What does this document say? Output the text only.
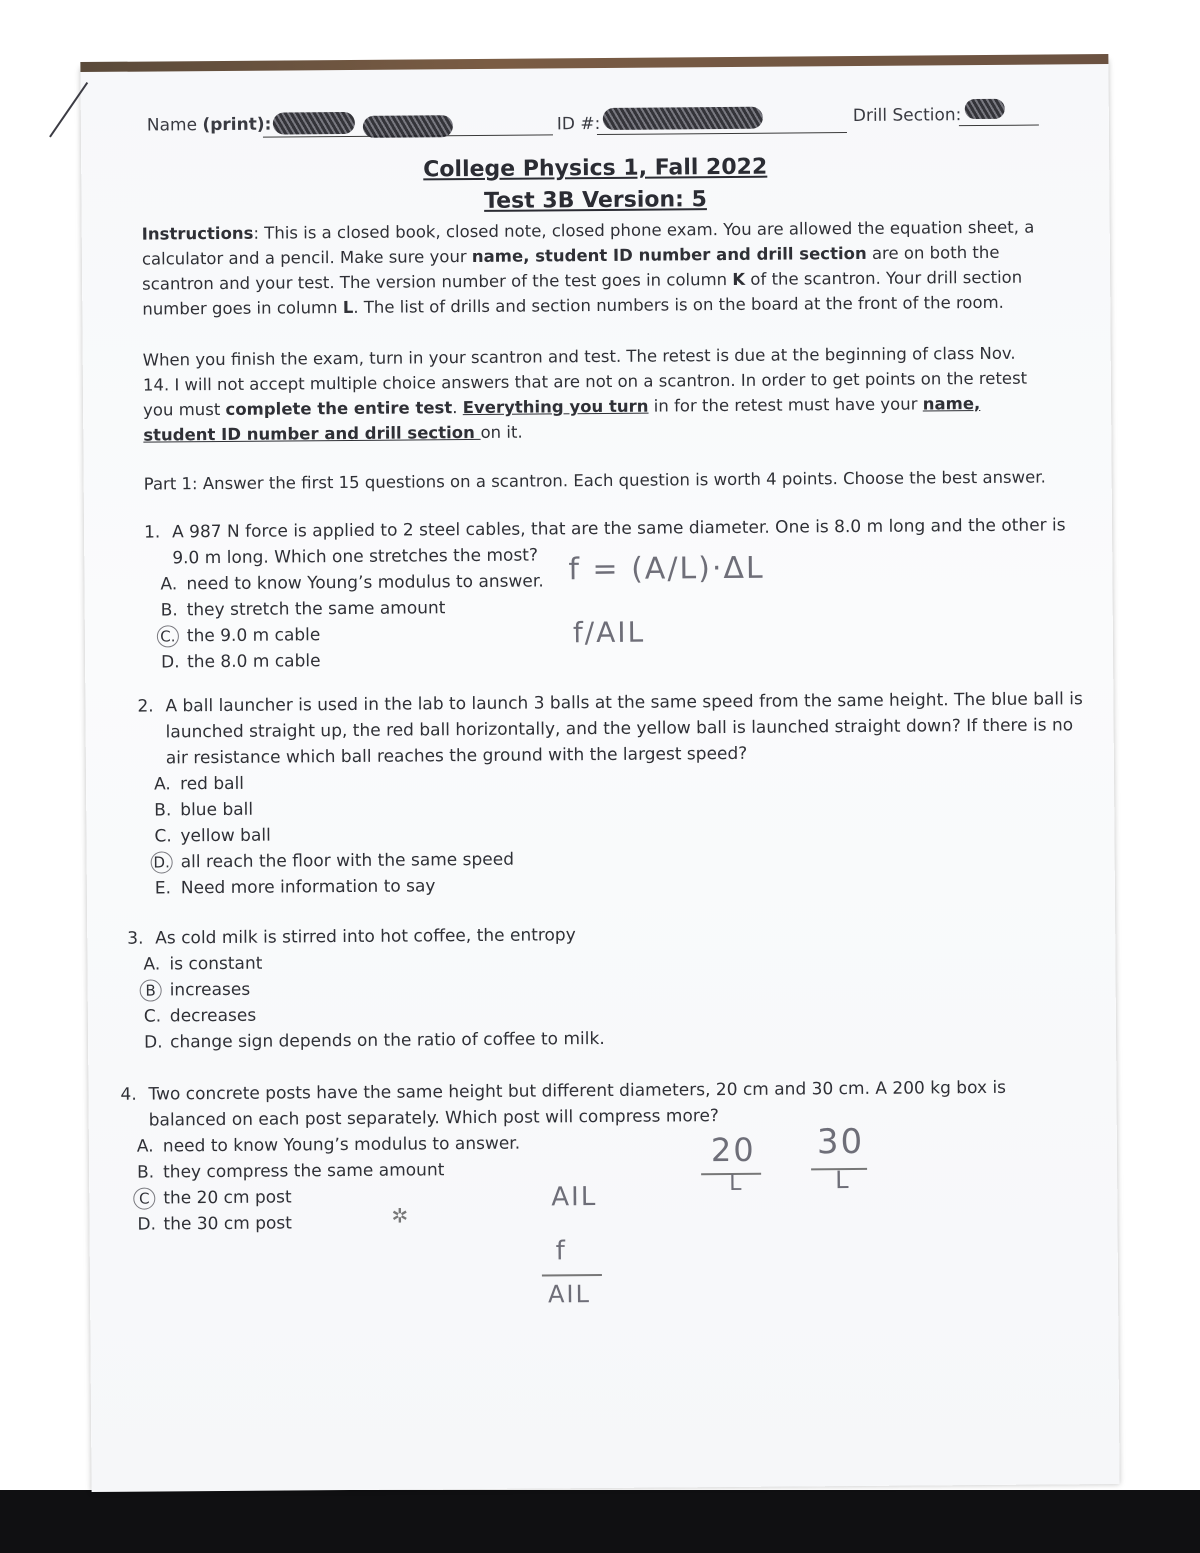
Name (print):	ID #:	Drill Section:
College Physics 1, Fall 2022
Test 3B Version: 5
Instructions: This is a closed book, closed note, closed phone exam. You are allowed the equation sheet, a calculator and a pencil. Make sure your name, student ID number and drill section are on both the scantron and your test. The version number of the test goes in column K of the scantron. Your drill section number goes in column L. The list of drills and section numbers is on the board at the front of the room.
When you finish the exam, turn in your scantron and test. The retest is due at the beginning of class Nov. 14. I will not accept multiple choice answers that are not on a scantron. In order to get points on the retest you must complete the entire test. Everything you turn in for the retest must have your name, student ID number and drill section on it.
Part 1: Answer the first 15 questions on a scantron. Each question is worth 4 points. Choose the best answer.
1. A 987 N force is applied to 2 steel cables, that are the same diameter. One is 8.0 m long and the other is
9.0 m long. Which one stretches the most?
A. need to know Young’s modulus to answer.
B. they stretch the same amount
C. the 9.0 m cable
D. the 8.0 m cable
f = (A/L)·ΔL
f/AIL
2. A ball launcher is used in the lab to launch 3 balls at the same speed from the same height. The blue ball is
launched straight up, the red ball horizontally, and the yellow ball is launched straight down? If there is no
air resistance which ball reaches the ground with the largest speed?
A. red ball
B. blue ball
C. yellow ball
D. all reach the floor with the same speed
E. Need more information to say
3. As cold milk is stirred into hot coffee, the entropy
A. is constant
B increases
C. decreases
D. change sign depends on the ratio of coffee to milk.
4. Two concrete posts have the same height but different diameters, 20 cm and 30 cm. A 200 kg box is
balanced on each post separately. Which post will compress more?
A. need to know Young’s modulus to answer.
B. they compress the same amount
C the 20 cm post
D. the 30 cm post	✲
AIL
f
AIL
20 30
L	L
